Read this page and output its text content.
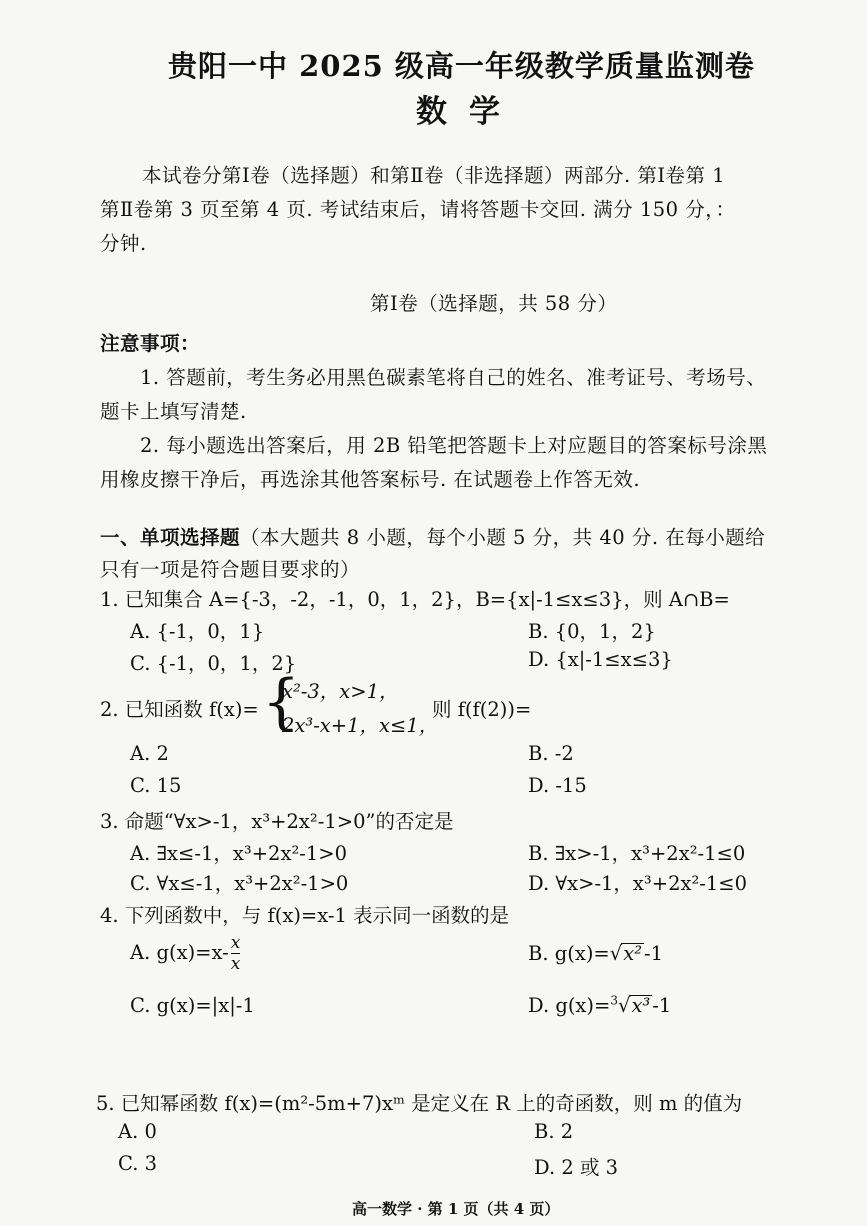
贵阳一中 2025 级高一年级教学质量监测卷
数学
本试卷分第Ⅰ卷（选择题）和第Ⅱ卷（非选择题）两部分. 第Ⅰ卷第 1
第Ⅱ卷第 3 页至第 4 页. 考试结束后，请将答题卡交回. 满分 150 分，：
分钟.
第Ⅰ卷（选择题，共 58 分）
注意事项：
1. 答题前，考生务必用黑色碳素笔将自己的姓名、准考证号、考场号、
题卡上填写清楚.
2. 每小题选出答案后，用 2B 铅笔把答题卡上对应题目的答案标号涂黑
用橡皮擦干净后，再选涂其他答案标号. 在试题卷上作答无效.
一、单项选择题（本大题共 8 小题，每个小题 5 分，共 40 分. 在每小题给
只有一项是符合题目要求的）
1. 已知集合 A={-3，-2，-1，0，1，2}，B={x|-1≤x≤3}，则 A∩B=
A. {-1，0，1}	B. {0，1，2}
C. {-1，0，1，2}	D. {x|-1≤x≤3}
2. 已知函数 f(x)= {
x²-3，x>1，
2x³-x+1，x≤1，
则 f(f(2))=
A. 2	B. -2
C. 15	D. -15
3. 命题“∀x>-1，x³+2x²-1>0”的否定是
A. ∃x≤-1，x³+2x²-1>0	B. ∃x>-1，x³+2x²-1≤0
C. ∀x≤-1，x³+2x²-1>0	D. ∀x>-1，x³+2x²-1≤0
4. 下列函数中，与 f(x)=x-1 表示同一函数的是
A. $g(x)=x- \frac{x}{x}$	B. g(x)=√x² -1
C. g(x)=|x|-1	D. g(x)=$^3$√x³ -1
5. 已知幂函数 f(x)=(m²-5m+7)xᵐ 是定义在 R 上的奇函数，则 m 的值为
A. 0	B. 2
C. 3	D. 2 或 3
高一数学 · 第 1 页（共 4 页）
